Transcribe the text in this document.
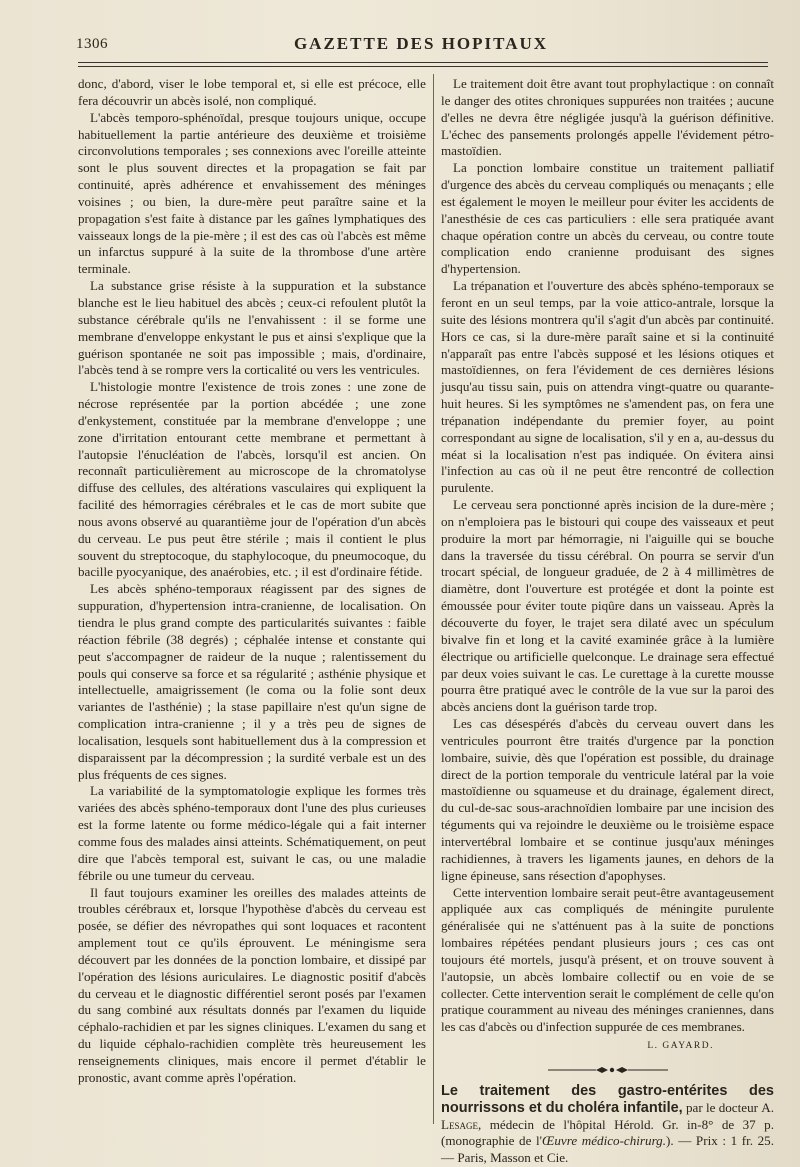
1306	GAZETTE DES HOPITAUX

donc, d'abord, viser le lobe temporal et, si elle est précoce, elle fera découvrir un abcès isolé, non compliqué.

L'abcès temporo-sphénoïdal, presque toujours unique, occupe habituellement la partie antérieure des deuxième et troisième circonvolutions temporales ; ses connexions avec l'oreille atteinte sont le plus souvent directes et la propagation se fait par continuité, après adhérence et envahissement des méninges voisines ; ou bien, la dure-mère peut paraître saine et la propagation s'est faite à distance par les gaînes lymphatiques des vaisseaux longs de la pie-mère ; il est des cas où l'abcès est même un infarctus suppuré à la suite de la thrombose d'une artère terminale.

La substance grise résiste à la suppuration et la substance blanche est le lieu habituel des abcès ; ceux-ci refoulent plutôt la substance cérébrale qu'ils ne l'envahissent : il se forme une membrane d'enveloppe enkystant le pus et ainsi s'explique que la guérison spontanée ne soit pas impossible ; mais, d'ordinaire, l'abcès tend à se rompre vers la corticalité ou vers les ventricules.

L'histologie montre l'existence de trois zones : une zone de nécrose représentée par la portion abcédée ; une zone d'enkystement, constituée par la membrane d'enveloppe ; une zone d'irritation entourant cette membrane et permettant à l'autopsie l'énucléation de l'abcès, lorsqu'il est ancien. On reconnaît particulièrement au microscope de la chromatolyse diffuse des cellules, des altérations vasculaires qui expliquent la facilité des hémorragies cérébrales et le cas de mort subite que nous avons observé au quarantième jour de l'opération d'un abcès du cerveau. Le pus peut être stérile ; mais il contient le plus souvent du streptocoque, du staphylocoque, du pneumocoque, du bacille pyocyanique, des anaérobies, etc. ; il est d'ordinaire fétide.

Les abcès sphéno-temporaux réagissent par des signes de suppuration, d'hypertension intra-cranienne, de localisation. On tiendra le plus grand compte des particularités suivantes : faible réaction fébrile (38 degrés) ; céphalée intense et constante qui peut s'accompagner de raideur de la nuque ; ralentissement du pouls qui conserve sa force et sa régularité ; asthénie physique et intellectuelle, amaigrissement (le coma ou la folie sont deux variantes de l'asthénie) ; la stase papillaire n'est qu'un signe de complication intra-cranienne ; il y a très peu de signes de localisation, lesquels sont habituellement dus à la compression et disparaissent par la décompression ; la surdité verbale est un des plus fréquents de ces signes.

La variabilité de la symptomatologie explique les formes très variées des abcès sphéno-temporaux dont l'une des plus curieuses est la forme latente ou forme médico-légale qui a fait interner comme fous des malades ainsi atteints. Schématiquement, on peut dire que l'abcès temporal est, suivant le cas, ou une maladie fébrile ou une tumeur du cerveau.

Il faut toujours examiner les oreilles des malades atteints de troubles cérébraux et, lorsque l'hypothèse d'abcès du cerveau est posée, se défier des névropathes qui sont loquaces et racontent amplement tout ce qu'ils éprouvent. Le méningisme sera découvert par les données de la ponction lombaire, et dissipé par l'opération des lésions auriculaires. Le diagnostic positif d'abcès du cerveau et le diagnostic différentiel seront posés par l'examen du sang combiné aux résultats donnés par l'examen du liquide céphalo-rachidien et par les signes cliniques. L'examen du sang et du liquide céphalo-rachidien complète très heureusement les renseignements cliniques, mais encore il permet d'établir le pronostic, avant comme après l'opération.

Le traitement doit être avant tout prophylactique : on connaît le danger des otites chroniques suppurées non traitées ; aucune d'elles ne devra être négligée jusqu'à la guérison définitive. L'échec des pansements prolongés appelle l'évidement pétro-mastoïdien.

La ponction lombaire constitue un traitement palliatif d'urgence des abcès du cerveau compliqués ou menaçants ; elle est également le moyen le meilleur pour éviter les accidents de l'anesthésie de ces cas particuliers : elle sera pratiquée avant chaque opération contre un abcès du cerveau, ou contre toute complication endo cranienne produisant des signes d'hypertension.

La trépanation et l'ouverture des abcès sphéno-temporaux se feront en un seul temps, par la voie attico-antrale, lorsque la suite des lésions montrera qu'il s'agit d'un abcès par continuité. Hors ce cas, si la dure-mère paraît saine et si la continuité n'apparaît pas entre l'abcès supposé et les lésions otiques et mastoïdiennes, on fera l'évidement de ces dernières lésions jusqu'au tissu sain, puis on attendra vingt-quatre ou quarante-huit heures. Si les symptômes ne s'amendent pas, on fera une trépanation indépendante du premier foyer, au point correspondant au signe de localisation, s'il y en a, au-dessus du méat si la localisation n'est pas indiquée. On évitera ainsi l'infection au cas où il ne peut être rencontré de collection purulente.

Le cerveau sera ponctionné après incision de la dure-mère ; on n'emploiera pas le bistouri qui coupe des vaisseaux et peut produire la mort par hémorragie, ni l'aiguille qui se bouche dans la traversée du tissu cérébral. On pourra se servir d'un trocart spécial, de longueur graduée, de 2 à 4 millimètres de diamètre, dont l'ouverture est protégée et dont la pointe est émoussée pour éviter toute piqûre dans un vaisseau. Après la découverte du foyer, le trajet sera dilaté avec un spéculum bivalve fin et long et la cavité examinée grâce à la lumière électrique ou artificielle quelconque. Le drainage sera effectué par deux voies suivant le cas. Le curettage à la curette mousse pourra être pratiqué avec le contrôle de la vue sur la paroi des abcès anciens dont la guérison tarde trop.

Les cas désespérés d'abcès du cerveau ouvert dans les ventricules pourront être traités d'urgence par la ponction lombaire, suivie, dès que l'opération est possible, du drainage direct de la portion temporale du ventricule latéral par la voie mastoïdienne ou squameuse et du drainage, également direct, du cul-de-sac sous-arachnoïdien lombaire par une incision des téguments qui va rejoindre le deuxième ou le troisième espace intervertébral lombaire et se continue jusqu'aux méninges rachidiennes, à travers les ligaments jaunes, en dehors de la ligne épineuse, sans résection d'apophyses.

Cette intervention lombaire serait peut-être avantageusement appliquée aux cas compliqués de méningite purulente généralisée qui ne s'atténuent pas à la suite de ponctions lombaires répétées pendant plusieurs jours ; ces cas ont toujours été mortels, jusqu'à présent, et on trouve souvent à l'autopsie, un abcès lombaire collectif ou en voie de se collecter. Cette intervention serait le complément de celle qu'on pratique couramment au niveau des méninges craniennes, dans les cas d'abcès ou d'infection suppurée de ces membranes.

L. GAYARD.

Le traitement des gastro-entérites des nourrissons et du choléra infantile, par le docteur A. Lesage, médecin de l'hôpital Hérold. Gr. in-8° de 37 p. (monographie de l'Œuvre médico-chirurg.). — Prix : 1 fr. 25. — Paris, Masson et Cie.
